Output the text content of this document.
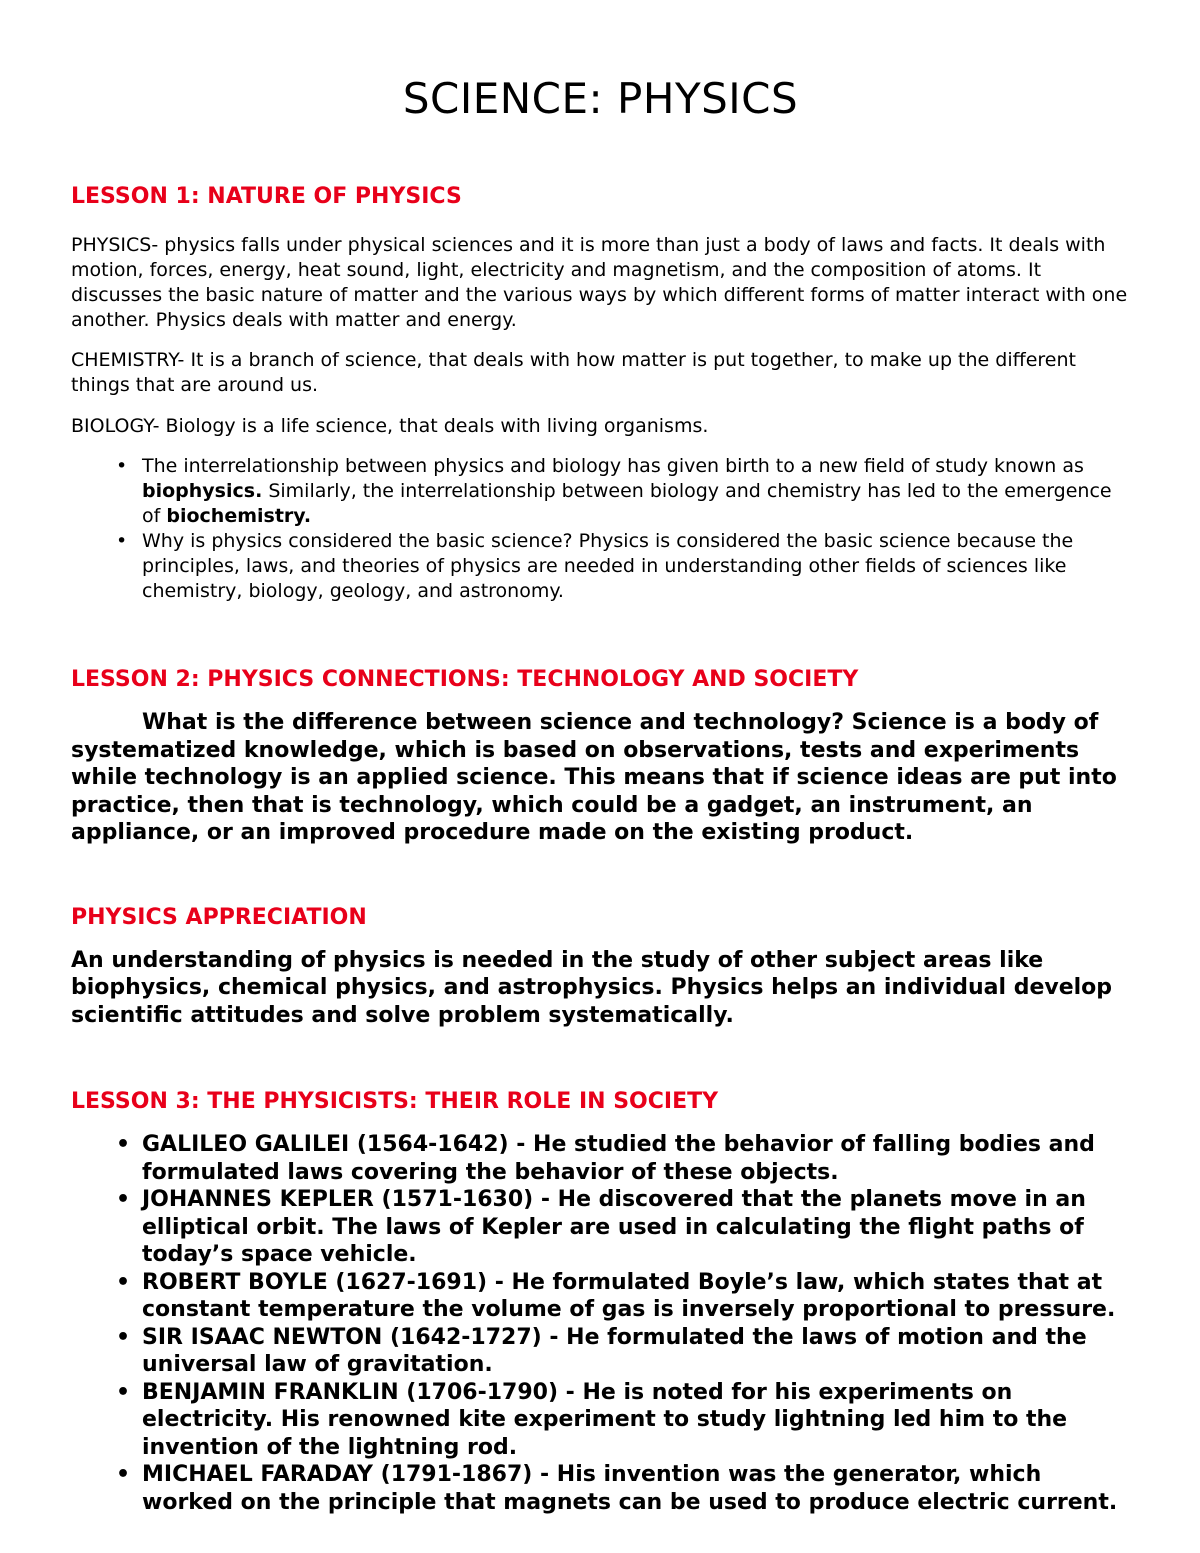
SCIENCE: PHYSICS
LESSON 1: NATURE OF PHYSICS

PHYSICS- physics falls under physical sciences and it is more than just a body of laws and facts. It deals with motion, forces, energy, heat sound, light, electricity and magnetism, and the composition of atoms. It discusses the basic nature of matter and the various ways by which different forms of matter interact with one another. Physics deals with matter and energy.

CHEMISTRY- It is a branch of science, that deals with how matter is put together, to make up the different things that are around us.

BIOLOGY- Biology is a life science, that deals with living organisms.

• The interrelationship between physics and biology has given birth to a new field of study known as biophysics. Similarly, the interrelationship between biology and chemistry has led to the emergence of biochemistry.
• Why is physics considered the basic science? Physics is considered the basic science because the principles, laws, and theories of physics are needed in understanding other fields of sciences like chemistry, biology, geology, and astronomy.
LESSON 2: PHYSICS CONNECTIONS: TECHNOLOGY AND SOCIETY

What is the difference between science and technology? Science is a body of systematized knowledge, which is based on observations, tests and experiments while technology is an applied science. This means that if science ideas are put into practice, then that is technology, which could be a gadget, an instrument, an appliance, or an improved procedure made on the existing product.

PHYSICS APPRECIATION

An understanding of physics is needed in the study of other subject areas like biophysics, chemical physics, and astrophysics. Physics helps an individual develop scientific attitudes and solve problem systematically.

LESSON 3: THE PHYSICISTS: THEIR ROLE IN SOCIETY
• GALILEO GALILEI (1564-1642) - He studied the behavior of falling bodies and formulated laws covering the behavior of these objects.
• JOHANNES KEPLER (1571-1630) - He discovered that the planets move in an elliptical orbit. The laws of Kepler are used in calculating the flight paths of today’s space vehicle.
• ROBERT BOYLE (1627-1691) - He formulated Boyle’s law, which states that at constant temperature the volume of gas is inversely proportional to pressure.
• SIR ISAAC NEWTON (1642-1727) - He formulated the laws of motion and the universal law of gravitation.
• BENJAMIN FRANKLIN (1706-1790) - He is noted for his experiments on electricity. His renowned kite experiment to study lightning led him to the invention of the lightning rod.
• MICHAEL FARADAY (1791-1867) - His invention was the generator, which worked on the principle that magnets can be used to produce electric current.
